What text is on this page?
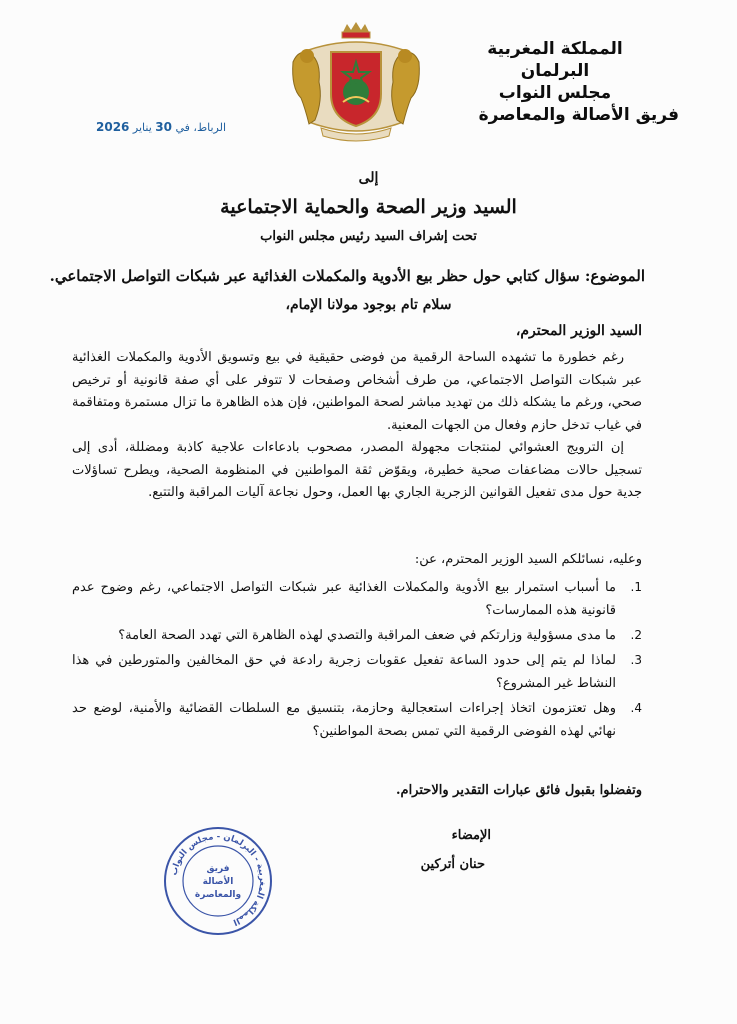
المملكة المغربية
البرلمان
مجلس النواب
فريق الأصالة والمعاصرة
الرباط، في 30 يناير 2026
إلى
السيد وزير الصحة والحماية الاجتماعية
تحت إشراف السيد رئيس مجلس النواب
الموضوع: سؤال كتابي حول حظر بيع الأدوية والمكملات الغذائية عبر شبكات التواصل الاجتماعي.
سلام تام بوجود مولانا الإمام،
السيد الوزير المحترم،
رغم خطورة ما تشهده الساحة الرقمية من فوضى حقيقية في بيع وتسويق الأدوية والمكملات الغذائية عبر شبكات التواصل الاجتماعي، من طرف أشخاص وصفحات لا تتوفر على أي صفة قانونية أو ترخيص صحي، ورغم ما يشكله ذلك من تهديد مباشر لصحة المواطنين، فإن هذه الظاهرة ما تزال مستمرة ومتفاقمة في غياب تدخل حازم وفعال من الجهات المعنية.
إن الترويج العشوائي لمنتجات مجهولة المصدر، مصحوب بادعاءات علاجية كاذبة ومضللة، أدى إلى تسجيل حالات مضاعفات صحية خطيرة، ويقوّض ثقة المواطنين في المنظومة الصحية، ويطرح تساؤلات جدية حول مدى تفعيل القوانين الزجرية الجاري بها العمل، وحول نجاعة آليات المراقبة والتتبع.
وعليه، نسائلكم السيد الوزير المحترم، عن:
1.
ما أسباب استمرار بيع الأدوية والمكملات الغذائية عبر شبكات التواصل الاجتماعي، رغم وضوح عدم قانونية هذه الممارسات؟
2.
ما مدى مسؤولية وزارتكم في ضعف المراقبة والتصدي لهذه الظاهرة التي تهدد الصحة العامة؟
3.
لماذا لم يتم إلى حدود الساعة تفعيل عقوبات زجرية رادعة في حق المخالفين والمتورطين في هذا النشاط غير المشروع؟
4.
وهل تعتزمون اتخاذ إجراءات استعجالية وحازمة، بتنسيق مع السلطات القضائية والأمنية، لوضع حد نهائي لهذه الفوضى الرقمية التي تمس بصحة المواطنين؟
وتفضلوا بقبول فائق عبارات التقدير والاحترام.
الإمضاء
حنان أتركين
المملكة المغربية - البرلمان - مجلس النواب
فريق
الأصالة
والمعاصرة
